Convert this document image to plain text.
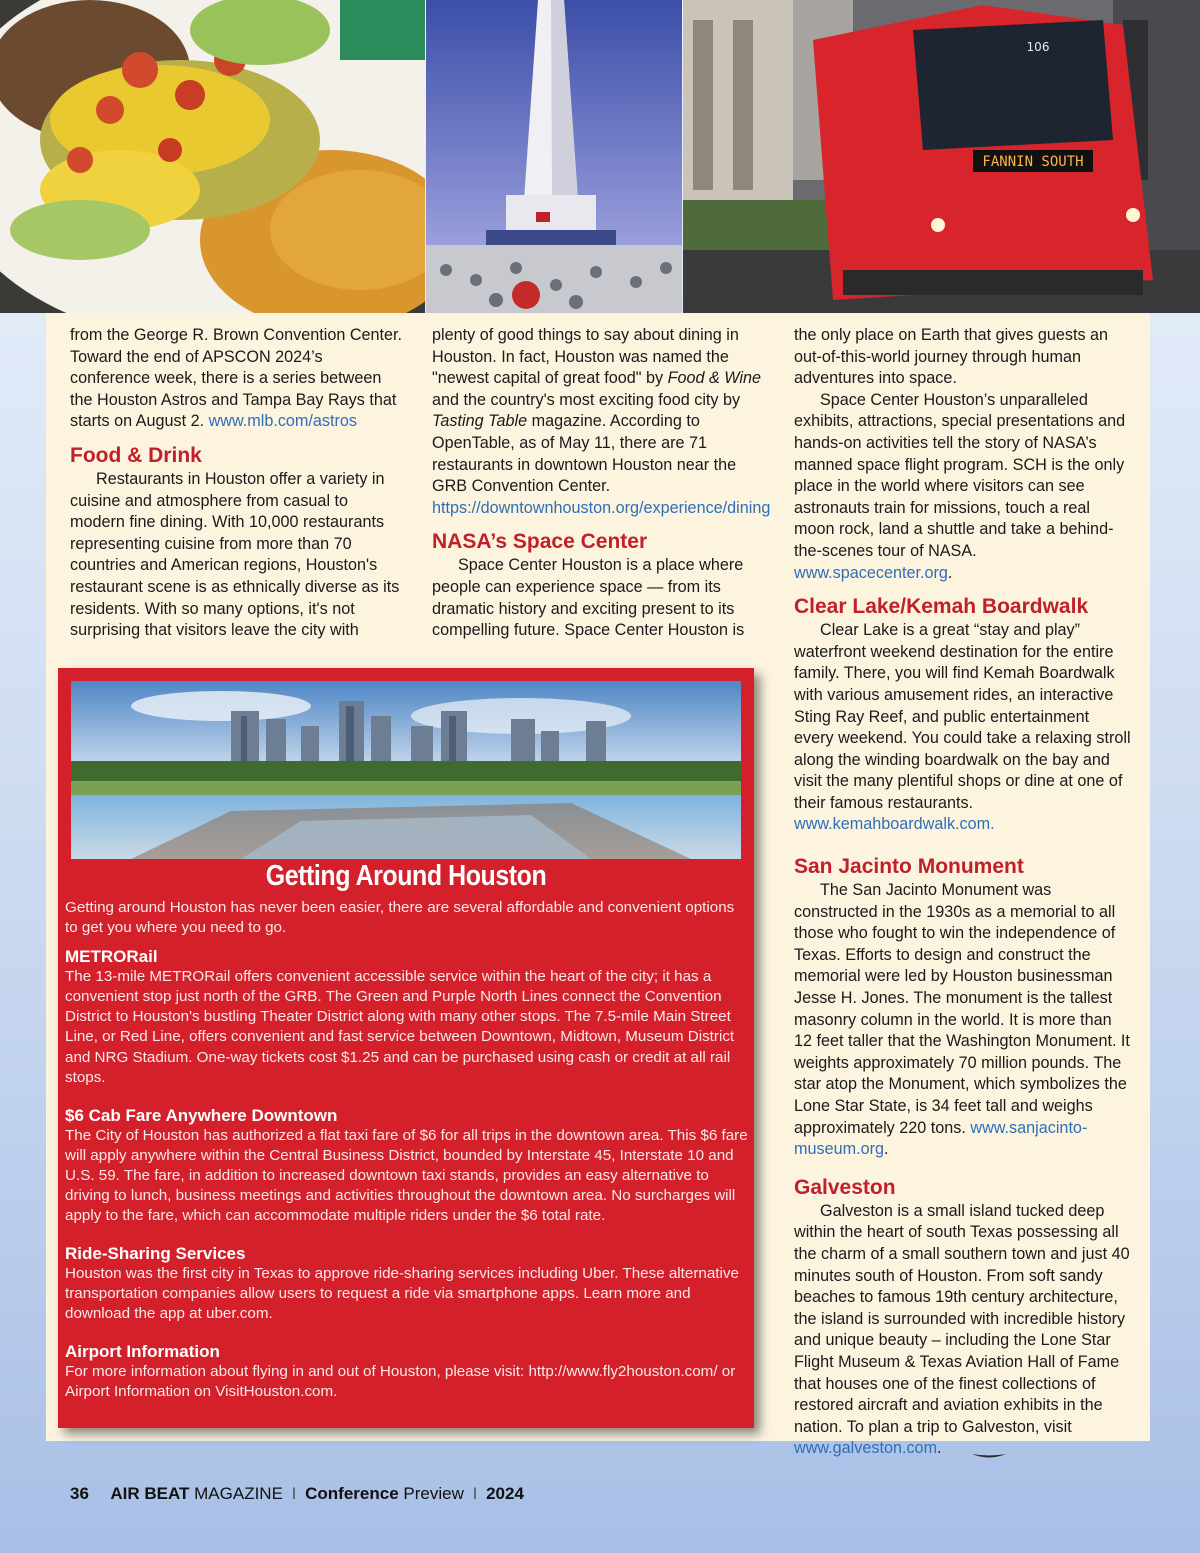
FANNIN SOUTH
106

from the George R. Brown Convention Center. Toward the end of APSCON 2024’s conference week, there is a series between the Houston Astros and Tampa Bay Rays that starts on August 2. www.mlb.com/astros

Food & Drink

Restaurants in Houston offer a variety in cuisine and atmosphere from casual to modern fine dining. With 10,000 restaurants representing cuisine from more than 70 countries and American regions, Houston's restaurant scene is as ethnically diverse as its residents. With so many options, it's not surprising that visitors leave the city with

plenty of good things to say about dining in Houston. In fact, Houston was named the "newest capital of great food" by Food & Wine and the country's most exciting food city by Tasting Table magazine. According to OpenTable, as of May 11, there are 71 restaurants in downtown Houston near the GRB Convention Center. https://downtownhouston.org/experience/dining

NASA’s Space Center

Space Center Houston is a place where people can experience space — from its dramatic history and exciting present to its compelling future. Space Center Houston is

the only place on Earth that gives guests an out-of-this-world journey through human adventures into space.

Space Center Houston’s unparalleled exhibits, attractions, special presentations and hands-on activities tell the story of NASA’s manned space flight program. SCH is the only place in the world where visitors can see astronauts train for missions, touch a real moon rock, land a shuttle and take a behind-the-scenes tour of NASA. www.spacecenter.org.

Clear Lake/Kemah Boardwalk

Clear Lake is a great “stay and play” waterfront weekend destination for the entire family. There, you will find Kemah Boardwalk with various amusement rides, an interactive Sting Ray Reef, and public entertainment every weekend. You could take a relaxing stroll along the winding boardwalk on the bay and visit the many plentiful shops or dine at one of their famous restaurants. www.kemahboardwalk.com.

San Jacinto Monument

The San Jacinto Monument was constructed in the 1930s as a memorial to all those who fought to win the independence of Texas. Efforts to design and construct the memorial were led by Houston businessman Jesse H. Jones. The monument is the tallest masonry column in the world. It is more than 12 feet taller that the Washington Monument. It weights approximately 70 million pounds. The star atop the Monument, which symbolizes the Lone Star State, is 34 feet tall and weighs approximately 220 tons. www.sanjacinto-museum.org.

Galveston

Galveston is a small island tucked deep within the heart of south Texas possessing all the charm of a small southern town and just 40 minutes south of Houston. From soft sandy beaches to famous 19th century architecture, the island is surrounded with incredible history and unique beauty – including the Lone Star Flight Museum & Texas Aviation Hall of Fame that houses one of the finest collections of restored aircraft and aviation exhibits in the nation. To plan a trip to Galveston, visit www.galveston.com.

Getting Around Houston

Getting around Houston has never been easier, there are several affordable and convenient options to get you where you need to go.

METRORail

The 13-mile METRORail offers convenient accessible service within the heart of the city; it has a convenient stop just north of the GRB. The Green and Purple North Lines connect the Convention District to Houston's bustling Theater District along with many other stops. The 7.5-mile Main Street Line, or Red Line, offers convenient and fast service between Downtown, Midtown, Museum District and NRG Stadium. One-way tickets cost $1.25 and can be purchased using cash or credit at all rail stops.

$6 Cab Fare Anywhere Downtown

The City of Houston has authorized a flat taxi fare of $6 for all trips in the downtown area. This $6 fare will apply anywhere within the Central Business District, bounded by Interstate 45, Interstate 10 and U.S. 59. The fare, in addition to increased downtown taxi stands, provides an easy alternative to driving to lunch, business meetings and activities throughout the downtown area. No surcharges will apply to the fare, which can accommodate multiple riders under the $6 total rate.

Ride-Sharing Services

Houston was the first city in Texas to approve ride-sharing services including Uber. These alternative transportation companies allow users to request a ride via smartphone apps. Learn more and download the app at uber.com.

Airport Information

For more information about flying in and out of Houston, please visit: http://www.fly2houston.com/ or Airport Information on VisitHouston.com.

36 AIR BEAT MAGAZINE I Conference Preview I 2024
